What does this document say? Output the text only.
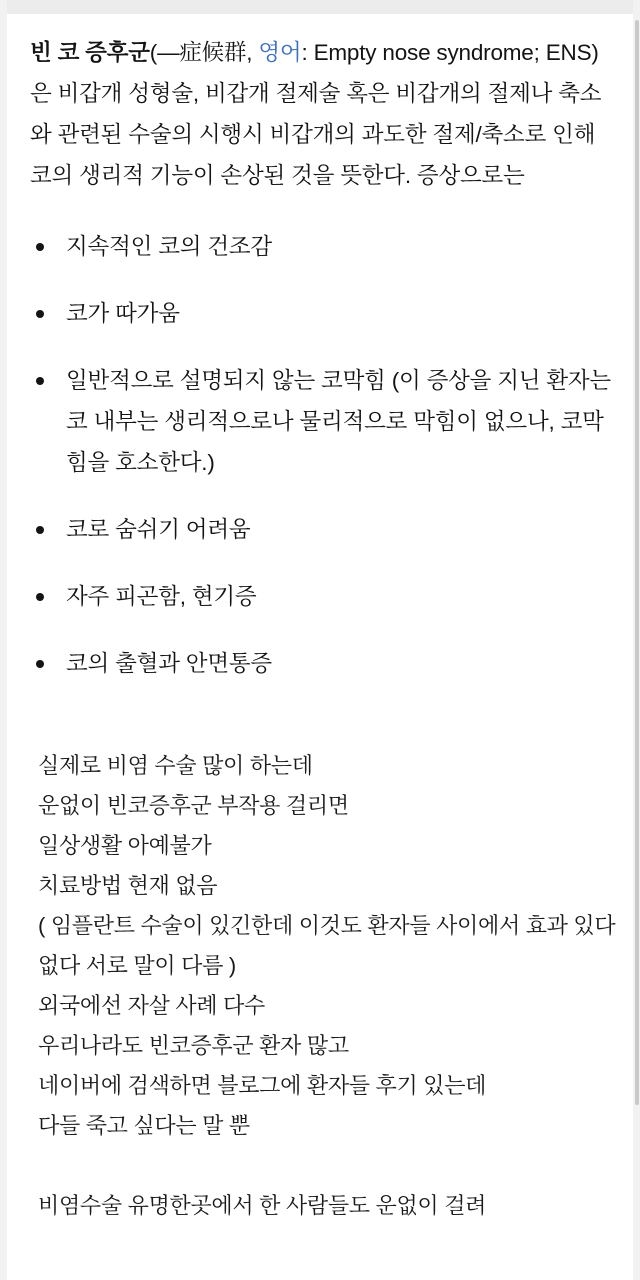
빈 코 증후군(—症候群, 영어: Empty nose syndrome; ENS)은 비갑개 성형술, 비갑개 절제술 혹은 비갑개의 절제나 축소와 관련된 수술의 시행시 비갑개의 과도한 절제/축소로 인해 코의 생리적 기능이 손상된 것을 뜻한다. 증상으로는

지속적인 코의 건조감
코가 따가움
일반적으로 설명되지 않는 코막힘 (이 증상을 지닌 환자는 코 내부는 생리적으로나 물리적으로 막힘이 없으나, 코막힘을 호소한다.)
코로 숨쉬기 어려움
자주 피곤함, 현기증
코의 출혈과 안면통증

실제로 비염 수술 많이 하는데

운없이 빈코증후군 부작용 걸리면

일상생활 아예불가

치료방법 현재 없음

( 임플란트 수술이 있긴한데 이것도 환자들 사이에서 효과 있다 없다 서로 말이 다름 )

외국에선 자살 사례 다수

우리나라도 빈코증후군 환자 많고

네이버에 검색하면 블로그에 환자들 후기 있는데

다들 죽고 싶다는 말 뿐

비염수술 유명한곳에서 한 사람들도 운없이 걸려
